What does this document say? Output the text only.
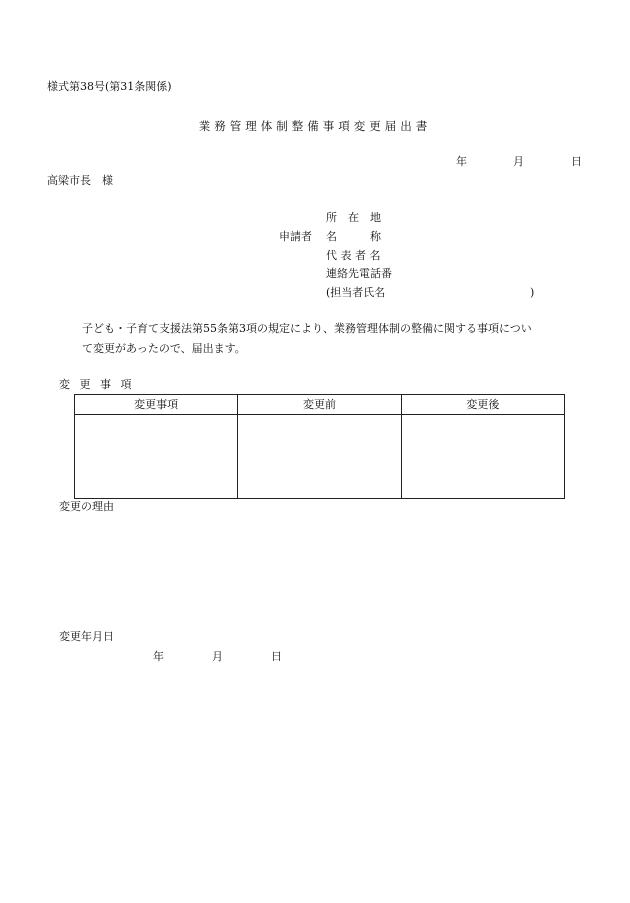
様式第38号(第31条関係)
業務管理体制整備事項変更届出書
年	月	日
高梁市長　様
申請者
所　在　地
名　　　称
代 表 者 名
連絡先電話番
(担当者氏名	)
子ども・子育て支援法第55条第3項の規定により、業務管理体制の整備に関する事項につい
て変更があったので、届出ます。
変 更 事 項
変更事項	変更前	変更後

変更の理由
変更年月日
年	月	日
